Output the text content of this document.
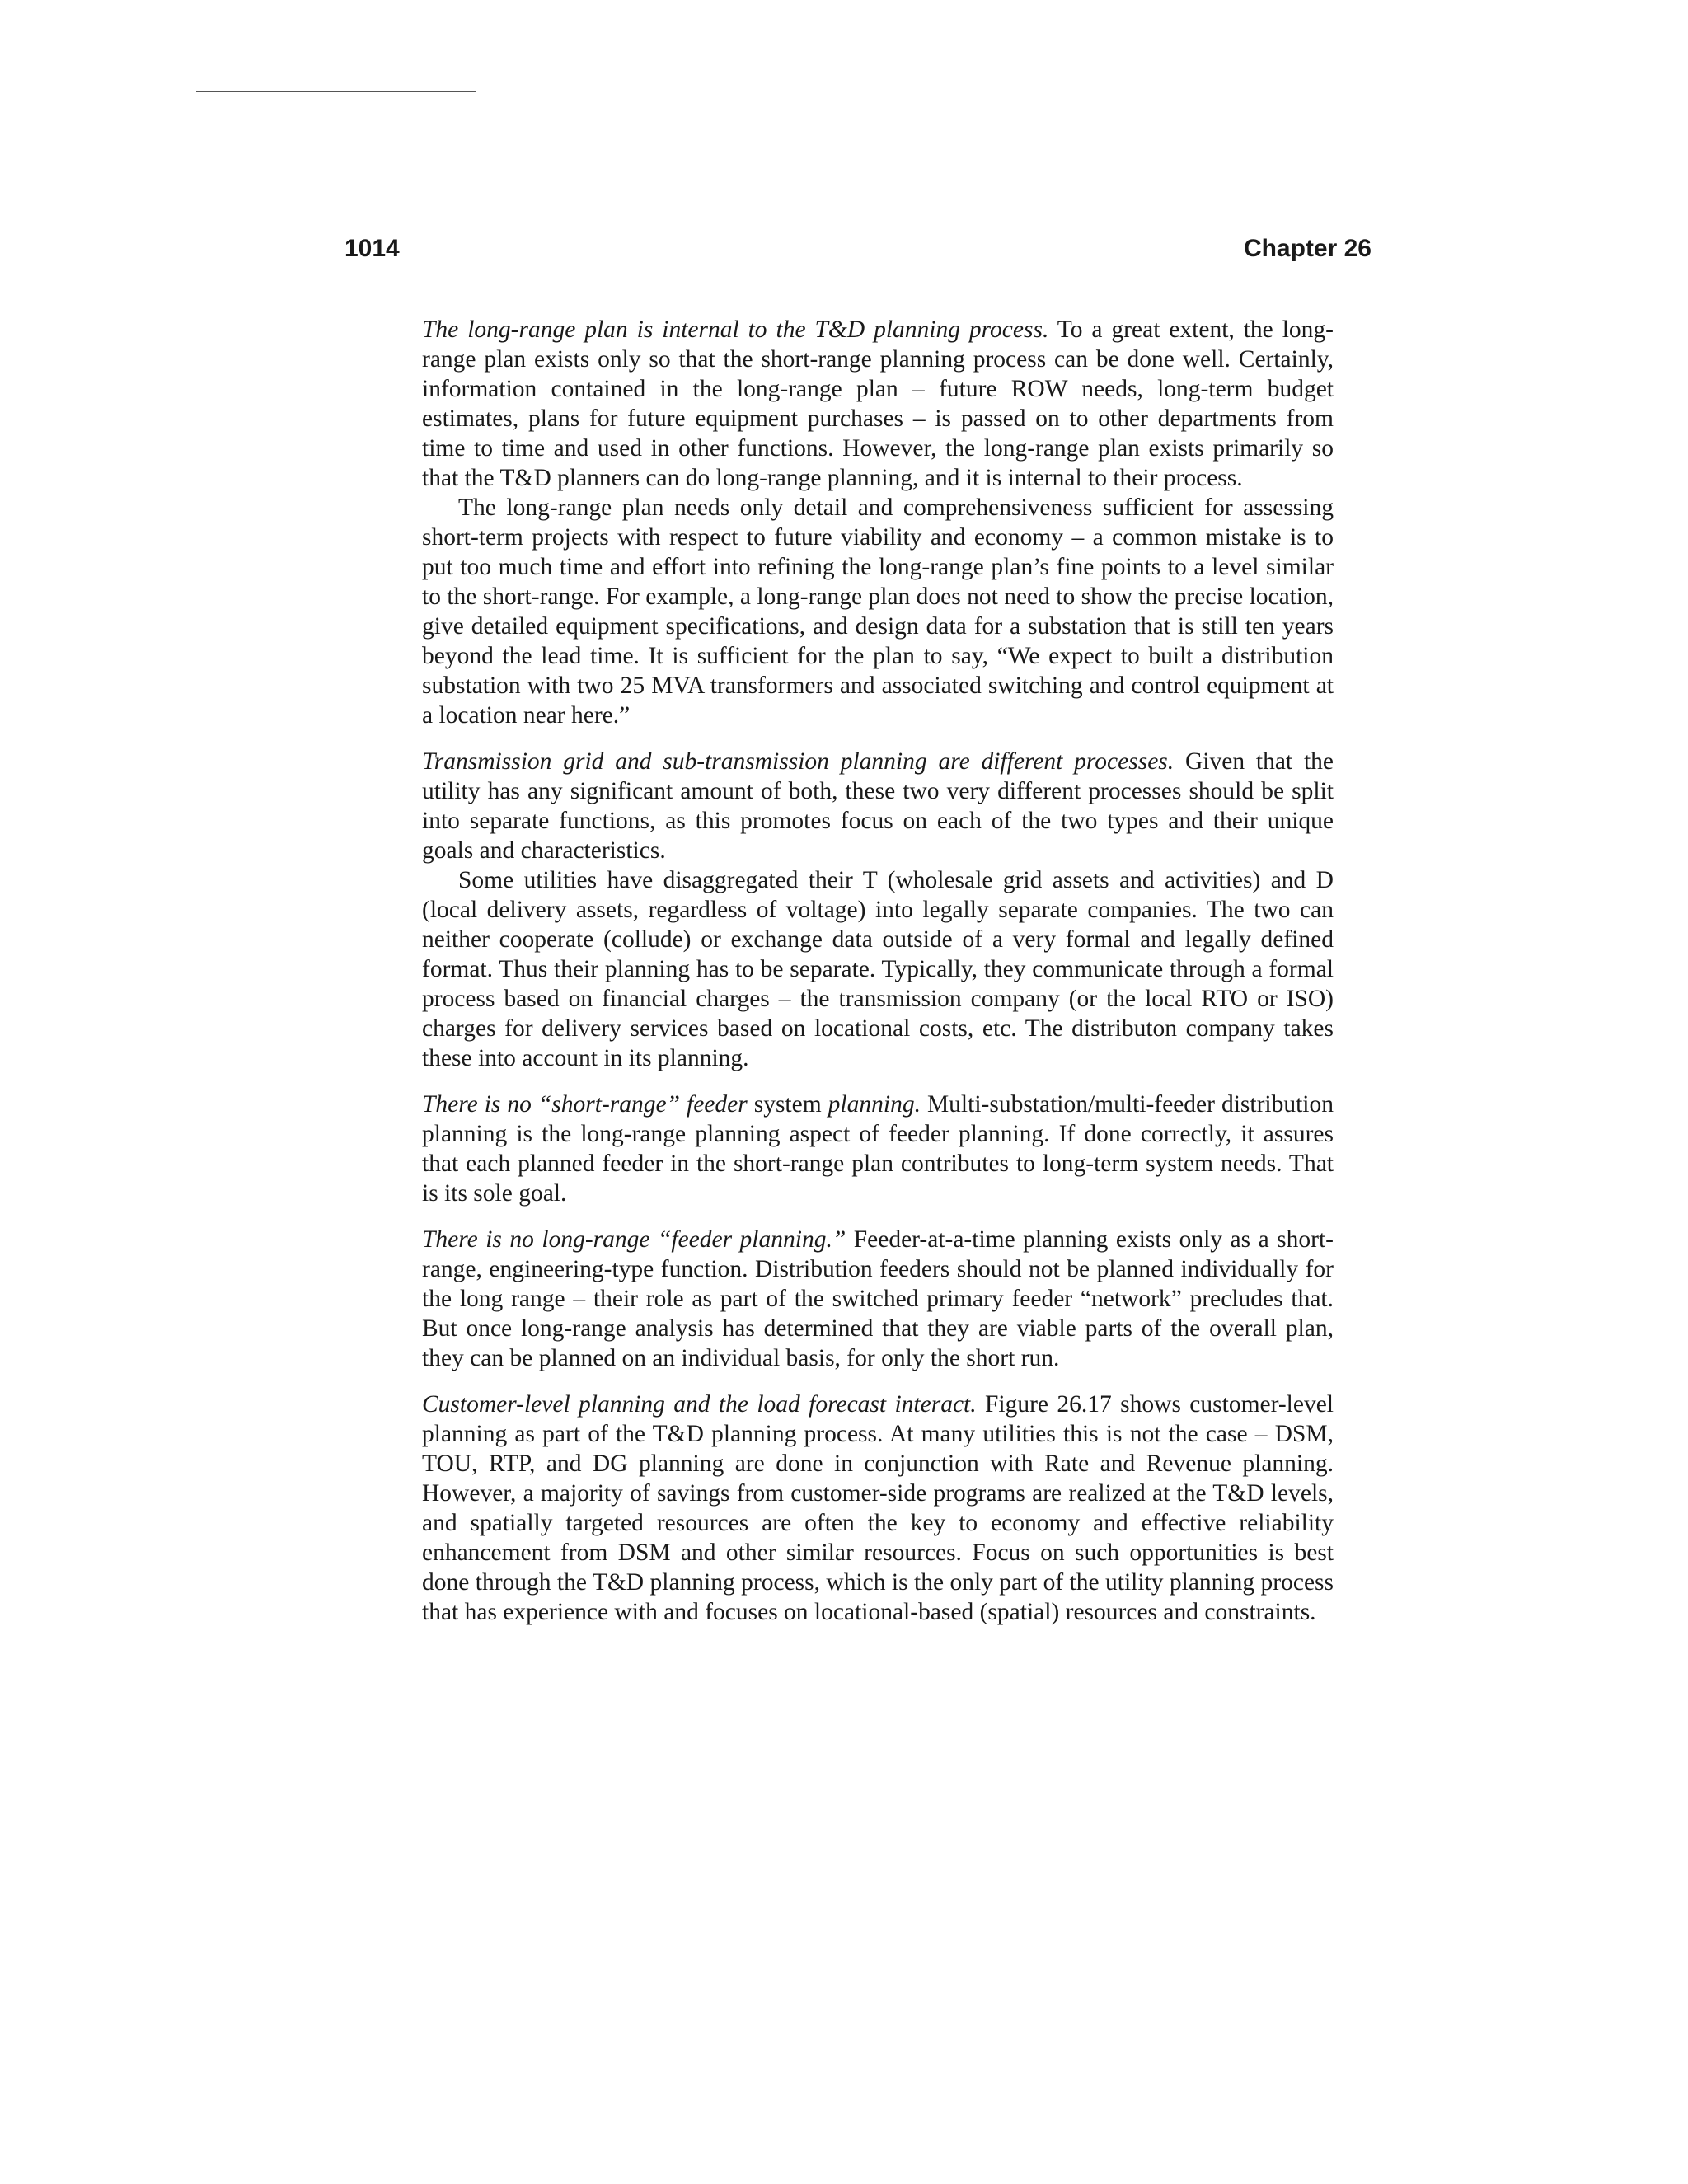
1014	Chapter 26

The long-range plan is internal to the T&D planning process. To a great extent, the long-range plan exists only so that the short-range planning process can be done well. Certainly, information contained in the long-range plan – future ROW needs, long-term budget estimates, plans for future equipment purchases – is passed on to other departments from time to time and used in other functions. However, the long-range plan exists primarily so that the T&D planners can do long-range planning, and it is internal to their process.

The long-range plan needs only detail and comprehensiveness sufficient for assessing short-term projects with respect to future viability and economy – a common mistake is to put too much time and effort into refining the long-range plan’s fine points to a level similar to the short-range. For example, a long-range plan does not need to show the precise location, give detailed equipment specifications, and design data for a substation that is still ten years beyond the lead time. It is sufficient for the plan to say, “We expect to built a distribution substation with two 25 MVA transformers and associated switching and control equipment at a location near here.”

Transmission grid and sub-transmission planning are different processes. Given that the utility has any significant amount of both, these two very different processes should be split into separate functions, as this promotes focus on each of the two types and their unique goals and characteristics.

Some utilities have disaggregated their T (wholesale grid assets and activities) and D (local delivery assets, regardless of voltage) into legally separate companies. The two can neither cooperate (collude) or exchange data outside of a very formal and legally defined format. Thus their planning has to be separate. Typically, they communicate through a formal process based on financial charges – the transmission company (or the local RTO or ISO) charges for delivery services based on locational costs, etc. The distributon company takes these into account in its planning.

There is no “short-range” feeder system planning. Multi-substation/multi-feeder distribution planning is the long-range planning aspect of feeder planning. If done correctly, it assures that each planned feeder in the short-range plan contributes to long-term system needs. That is its sole goal.

There is no long-range “feeder planning.” Feeder-at-a-time planning exists only as a short-range, engineering-type function. Distribution feeders should not be planned individually for the long range – their role as part of the switched primary feeder “network” precludes that. But once long-range analysis has determined that they are viable parts of the overall plan, they can be planned on an individual basis, for only the short run.

Customer-level planning and the load forecast interact. Figure 26.17 shows customer-level planning as part of the T&D planning process. At many utilities this is not the case – DSM, TOU, RTP, and DG planning are done in conjunction with Rate and Revenue planning. However, a majority of savings from customer-side programs are realized at the T&D levels, and spatially targeted resources are often the key to economy and effective reliability enhancement from DSM and other similar resources. Focus on such opportunities is best done through the T&D planning process, which is the only part of the utility planning process that has experience with and focuses on locational-based (spatial) resources and constraints.
